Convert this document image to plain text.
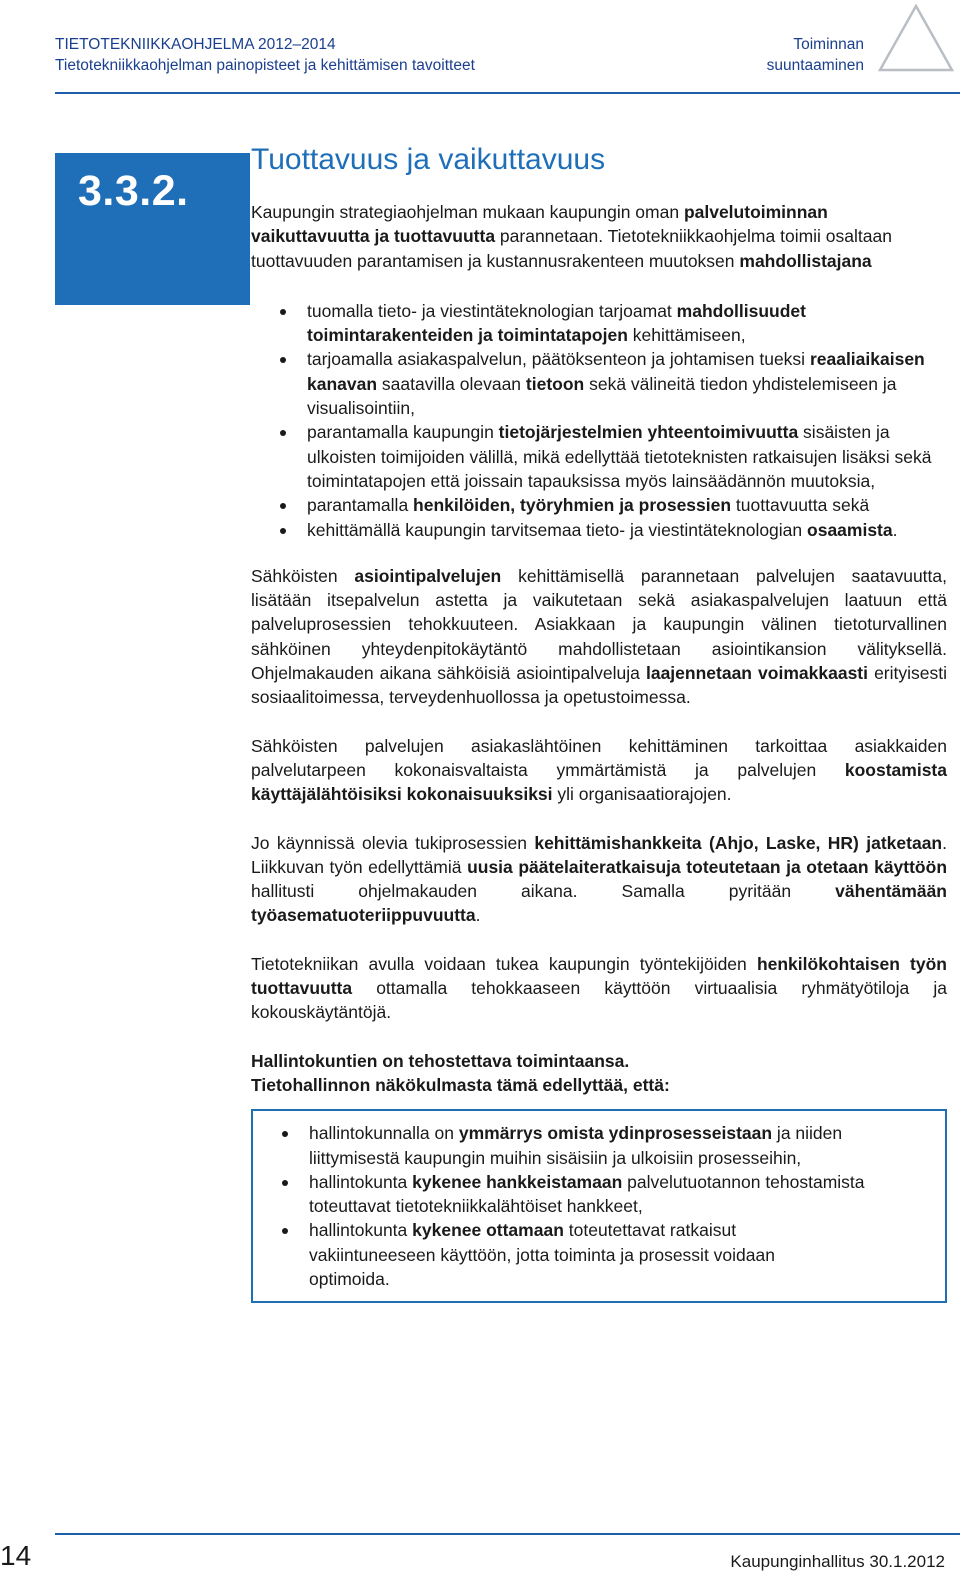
TIETOTEKNIIKKAOHJELMA 2012–2014
Tietotekniikkaohjelman painopisteet ja kehittämisen tavoitteet
Toiminnan
suuntaaminen
3.3.2.
Tuottavuus ja vaikuttavuus

Kaupungin strategiaohjelman mukaan kaupungin oman palvelutoiminnan vaikuttavuutta ja tuottavuutta parannetaan. Tietotekniikkaohjelma toimii osaltaan tuottavuuden parantamisen ja kustannusrakenteen muutoksen mahdollistajana

tuomalla tieto- ja viestintäteknologian tarjoamat mahdollisuudet toimintarakenteiden ja toimintatapojen kehittämiseen,
tarjoamalla asiakaspalvelun, päätöksenteon ja johtamisen tueksi reaaliaikaisen kanavan saatavilla olevaan tietoon sekä välineitä tiedon yhdistelemiseen ja visualisointiin,
parantamalla kaupungin tietojärjestelmien yhteentoimivuutta sisäisten ja ulkoisten toimijoiden välillä, mikä edellyttää tietoteknisten ratkaisujen lisäksi sekä toimintatapojen että joissain tapauksissa myös lainsäädännön muutoksia,
parantamalla henkilöiden, työryhmien ja prosessien tuottavuutta sekä
kehittämällä kaupungin tarvitsemaa tieto- ja viestintäteknologian osaamista.

Sähköisten asiointipalvelujen kehittämisellä parannetaan palvelujen saatavuutta, lisätään itsepalvelun astetta ja vaikutetaan sekä asiakaspalvelujen laatuun että palveluprosessien tehokkuuteen. Asiakkaan ja kaupungin välinen tietoturvallinen sähköinen yhteydenpitokäytäntö mahdollistetaan asiointikansion välityksellä. Ohjelmakauden aikana sähköisiä asiointipalveluja laajennetaan voimakkaasti erityisesti sosiaalitoimessa, terveydenhuollossa ja opetustoimessa.

Sähköisten palvelujen asiakaslähtöinen kehittäminen tarkoittaa asiakkaiden palvelutarpeen kokonaisvaltaista ymmärtämistä ja palvelujen koostamista käyttäjälähtöisiksi kokonaisuuksiksi yli organisaatiorajojen.

Jo käynnissä olevia tukiprosessien kehittämishankkeita (Ahjo, Laske, HR) jatketaan. Liikkuvan työn edellyttämiä uusia päätelaiteratkaisuja toteutetaan ja otetaan käyttöön hallitusti ohjelmakauden aikana. Samalla pyritään vähentämään työasematuoteriippuvuutta.

Tietotekniikan avulla voidaan tukea kaupungin työntekijöiden henkilökohtaisen työn tuottavuutta ottamalla tehokkaaseen käyttöön virtuaalisia ryhmätyötiloja ja kokouskäytäntöjä.

Hallintokuntien on tehostettava toimintaansa.
Tietohallinnon näkökulmasta tämä edellyttää, että:

hallintokunnalla on ymmärrys omista ydinprosesseistaan ja niiden liittymisestä kaupungin muihin sisäisiin ja ulkoisiin prosesseihin,
hallintokunta kykenee hankkeistamaan palvelutuotannon tehostamista toteuttavat tietotekniikkalähtöiset hankkeet,
hallintokunta kykenee ottamaan toteutettavat ratkaisut vakiintuneeseen käyttöön, jotta toiminta ja prosessit voidaan optimoida.
14	Kaupunginhallitus 30.1.2012
